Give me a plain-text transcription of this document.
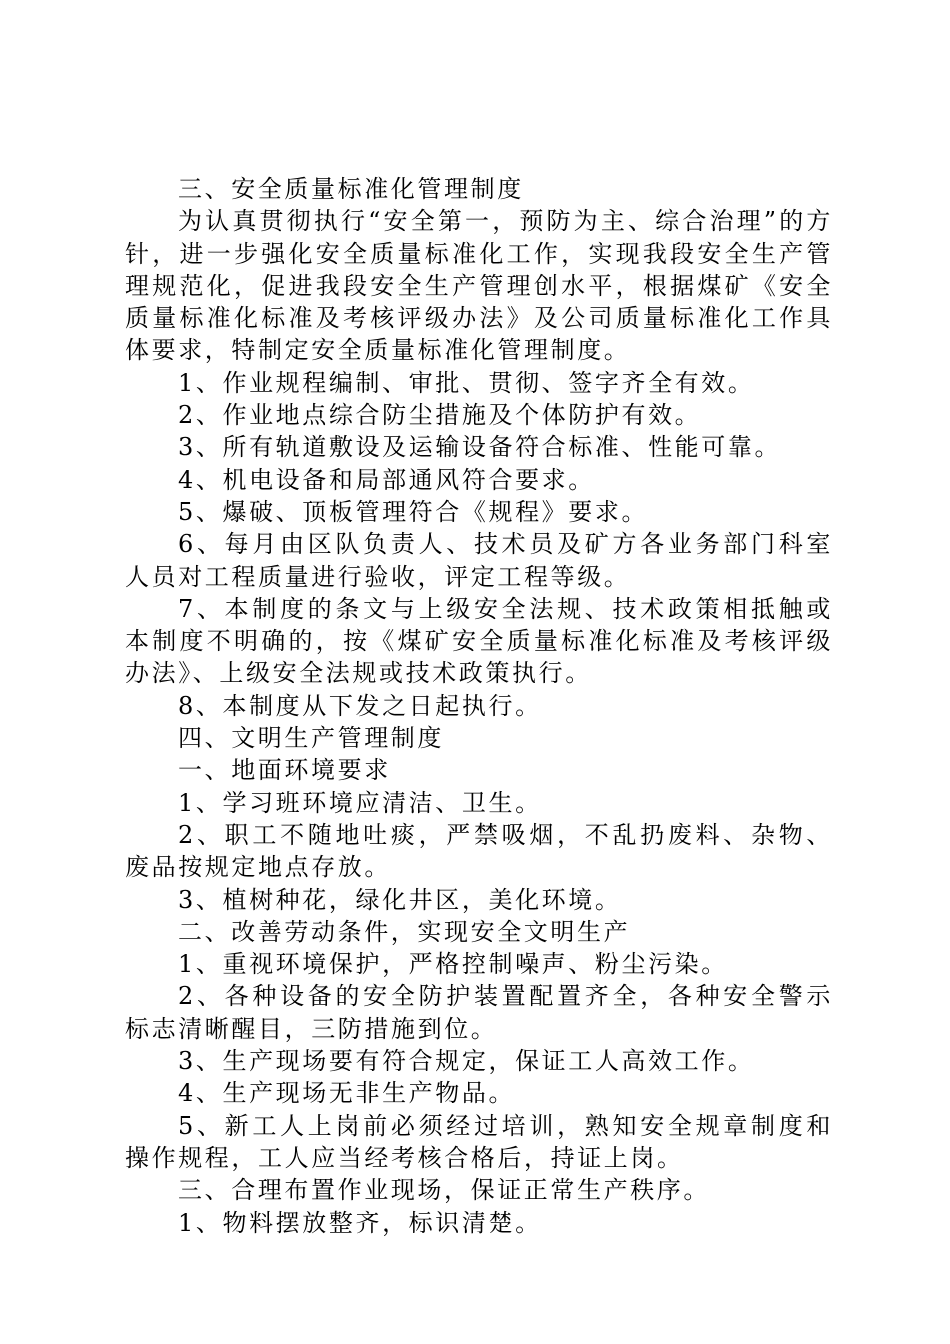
三、安全质量标准化管理制度

为认真贯彻执行“安全第一，预防为主、综合治理”的方针，进一步强化安全质量标准化工作，实现我段安全生产管理规范化，促进我段安全生产管理创水平，根据煤矿《安全质量标准化标准及考核评级办法》及公司质量标准化工作具体要求，特制定安全质量标准化管理制度。

1、作业规程编制、审批、贯彻、签字齐全有效。

2、作业地点综合防尘措施及个体防护有效。

3、所有轨道敷设及运输设备符合标准、性能可靠。

4、机电设备和局部通风符合要求。

5、爆破、顶板管理符合《规程》要求。

6、每月由区队负责人、技术员及矿方各业务部门科室人员对工程质量进行验收，评定工程等级。

7、本制度的条文与上级安全法规、技术政策相抵触或本制度不明确的，按《煤矿安全质量标准化标准及考核评级办法》、上级安全法规或技术政策执行。

8、本制度从下发之日起执行。

四、文明生产管理制度

一、地面环境要求

1、学习班环境应清洁、卫生。

2、职工不随地吐痰，严禁吸烟，不乱扔废料、杂物、废品按规定地点存放。

3、植树种花，绿化井区，美化环境。

二、改善劳动条件，实现安全文明生产

1、重视环境保护，严格控制噪声、粉尘污染。

2、各种设备的安全防护装置配置齐全，各种安全警示标志清晰醒目，三防措施到位。

3、生产现场要有符合规定，保证工人高效工作。

4、生产现场无非生产物品。

5、新工人上岗前必须经过培训，熟知安全规章制度和操作规程，工人应当经考核合格后，持证上岗。

三、合理布置作业现场，保证正常生产秩序。

1、物料摆放整齐，标识清楚。
